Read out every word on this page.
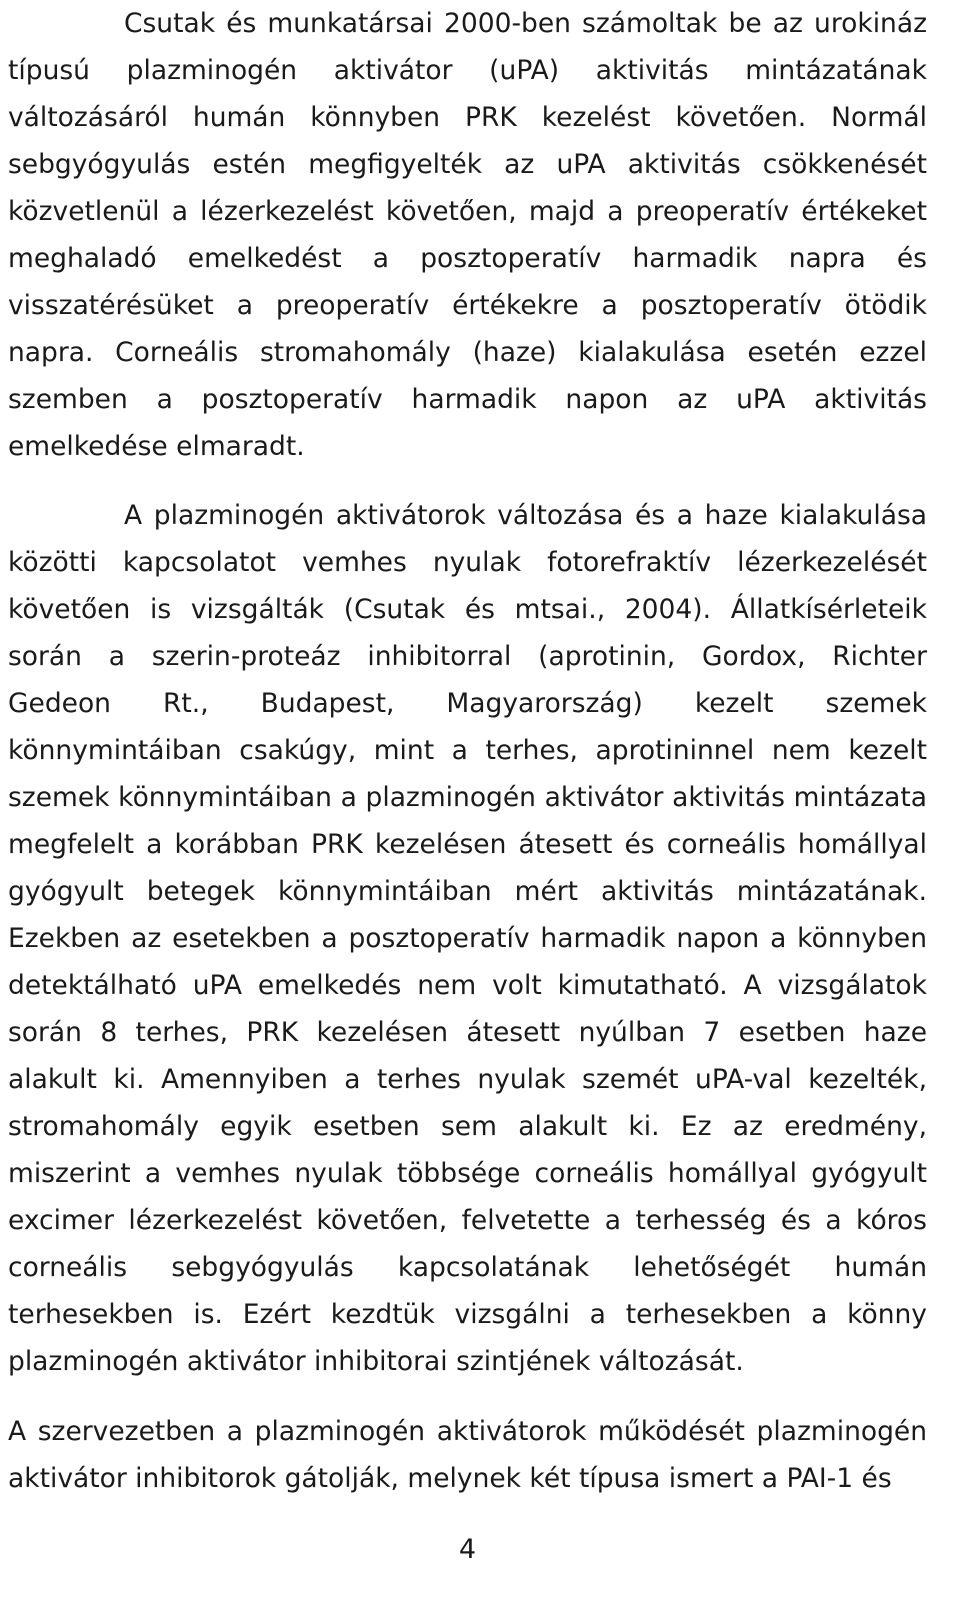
Csutak és munkatársai 2000-ben számoltak be az urokináz típusú plazminogén aktivátor (uPA) aktivitás mintázatának változásáról humán könnyben PRK kezelést követően. Normál sebgyógyulás estén megfigyelték az uPA aktivitás csökkenését közvetlenül a lézerkezelést követően, majd a preoperatív értékeket meghaladó emelkedést a posztoperatív harmadik napra és visszatérésüket a preoperatív értékekre a posztoperatív ötödik napra. Corneális stromahomály (haze) kialakulása esetén ezzel szemben a posztoperatív harmadik napon az uPA aktivitás emelkedése elmaradt.

A plazminogén aktivátorok változása és a haze kialakulása közötti kapcsolatot vemhes nyulak fotorefraktív lézerkezelését követően is vizsgálták (Csutak és mtsai., 2004). Állatkísérleteik során a szerin-proteáz inhibitorral (aprotinin, Gordox, Richter Gedeon Rt., Budapest, Magyarország) kezelt szemek könnymintáiban csakúgy, mint a terhes, aprotininnel nem kezelt szemek könnymintáiban a plazminogén aktivátor aktivitás mintázata megfelelt a korábban PRK kezelésen átesett és corneális homállyal gyógyult betegek könnymintáiban mért aktivitás mintázatának. Ezekben az esetekben a posztoperatív harmadik napon a könnyben detektálható uPA emelkedés nem volt kimutatható. A vizsgálatok során 8 terhes, PRK kezelésen átesett nyúlban 7 esetben haze alakult ki. Amennyiben a terhes nyulak szemét uPA-val kezelték, stromahomály egyik esetben sem alakult ki. Ez az eredmény, miszerint a vemhes nyulak többsége corneális homállyal gyógyult excimer lézerkezelést követően, felvetette a terhesség és a kóros corneális sebgyógyulás kapcsolatának lehetőségét humán terhesekben is. Ezért kezdtük vizsgálni a terhesekben a könny plazminogén aktivátor inhibitorai szintjének változását.

A szervezetben a plazminogén aktivátorok működését plazminogén aktivátor inhibitorok gátolják, melynek két típusa ismert a PAI-1 és

4
